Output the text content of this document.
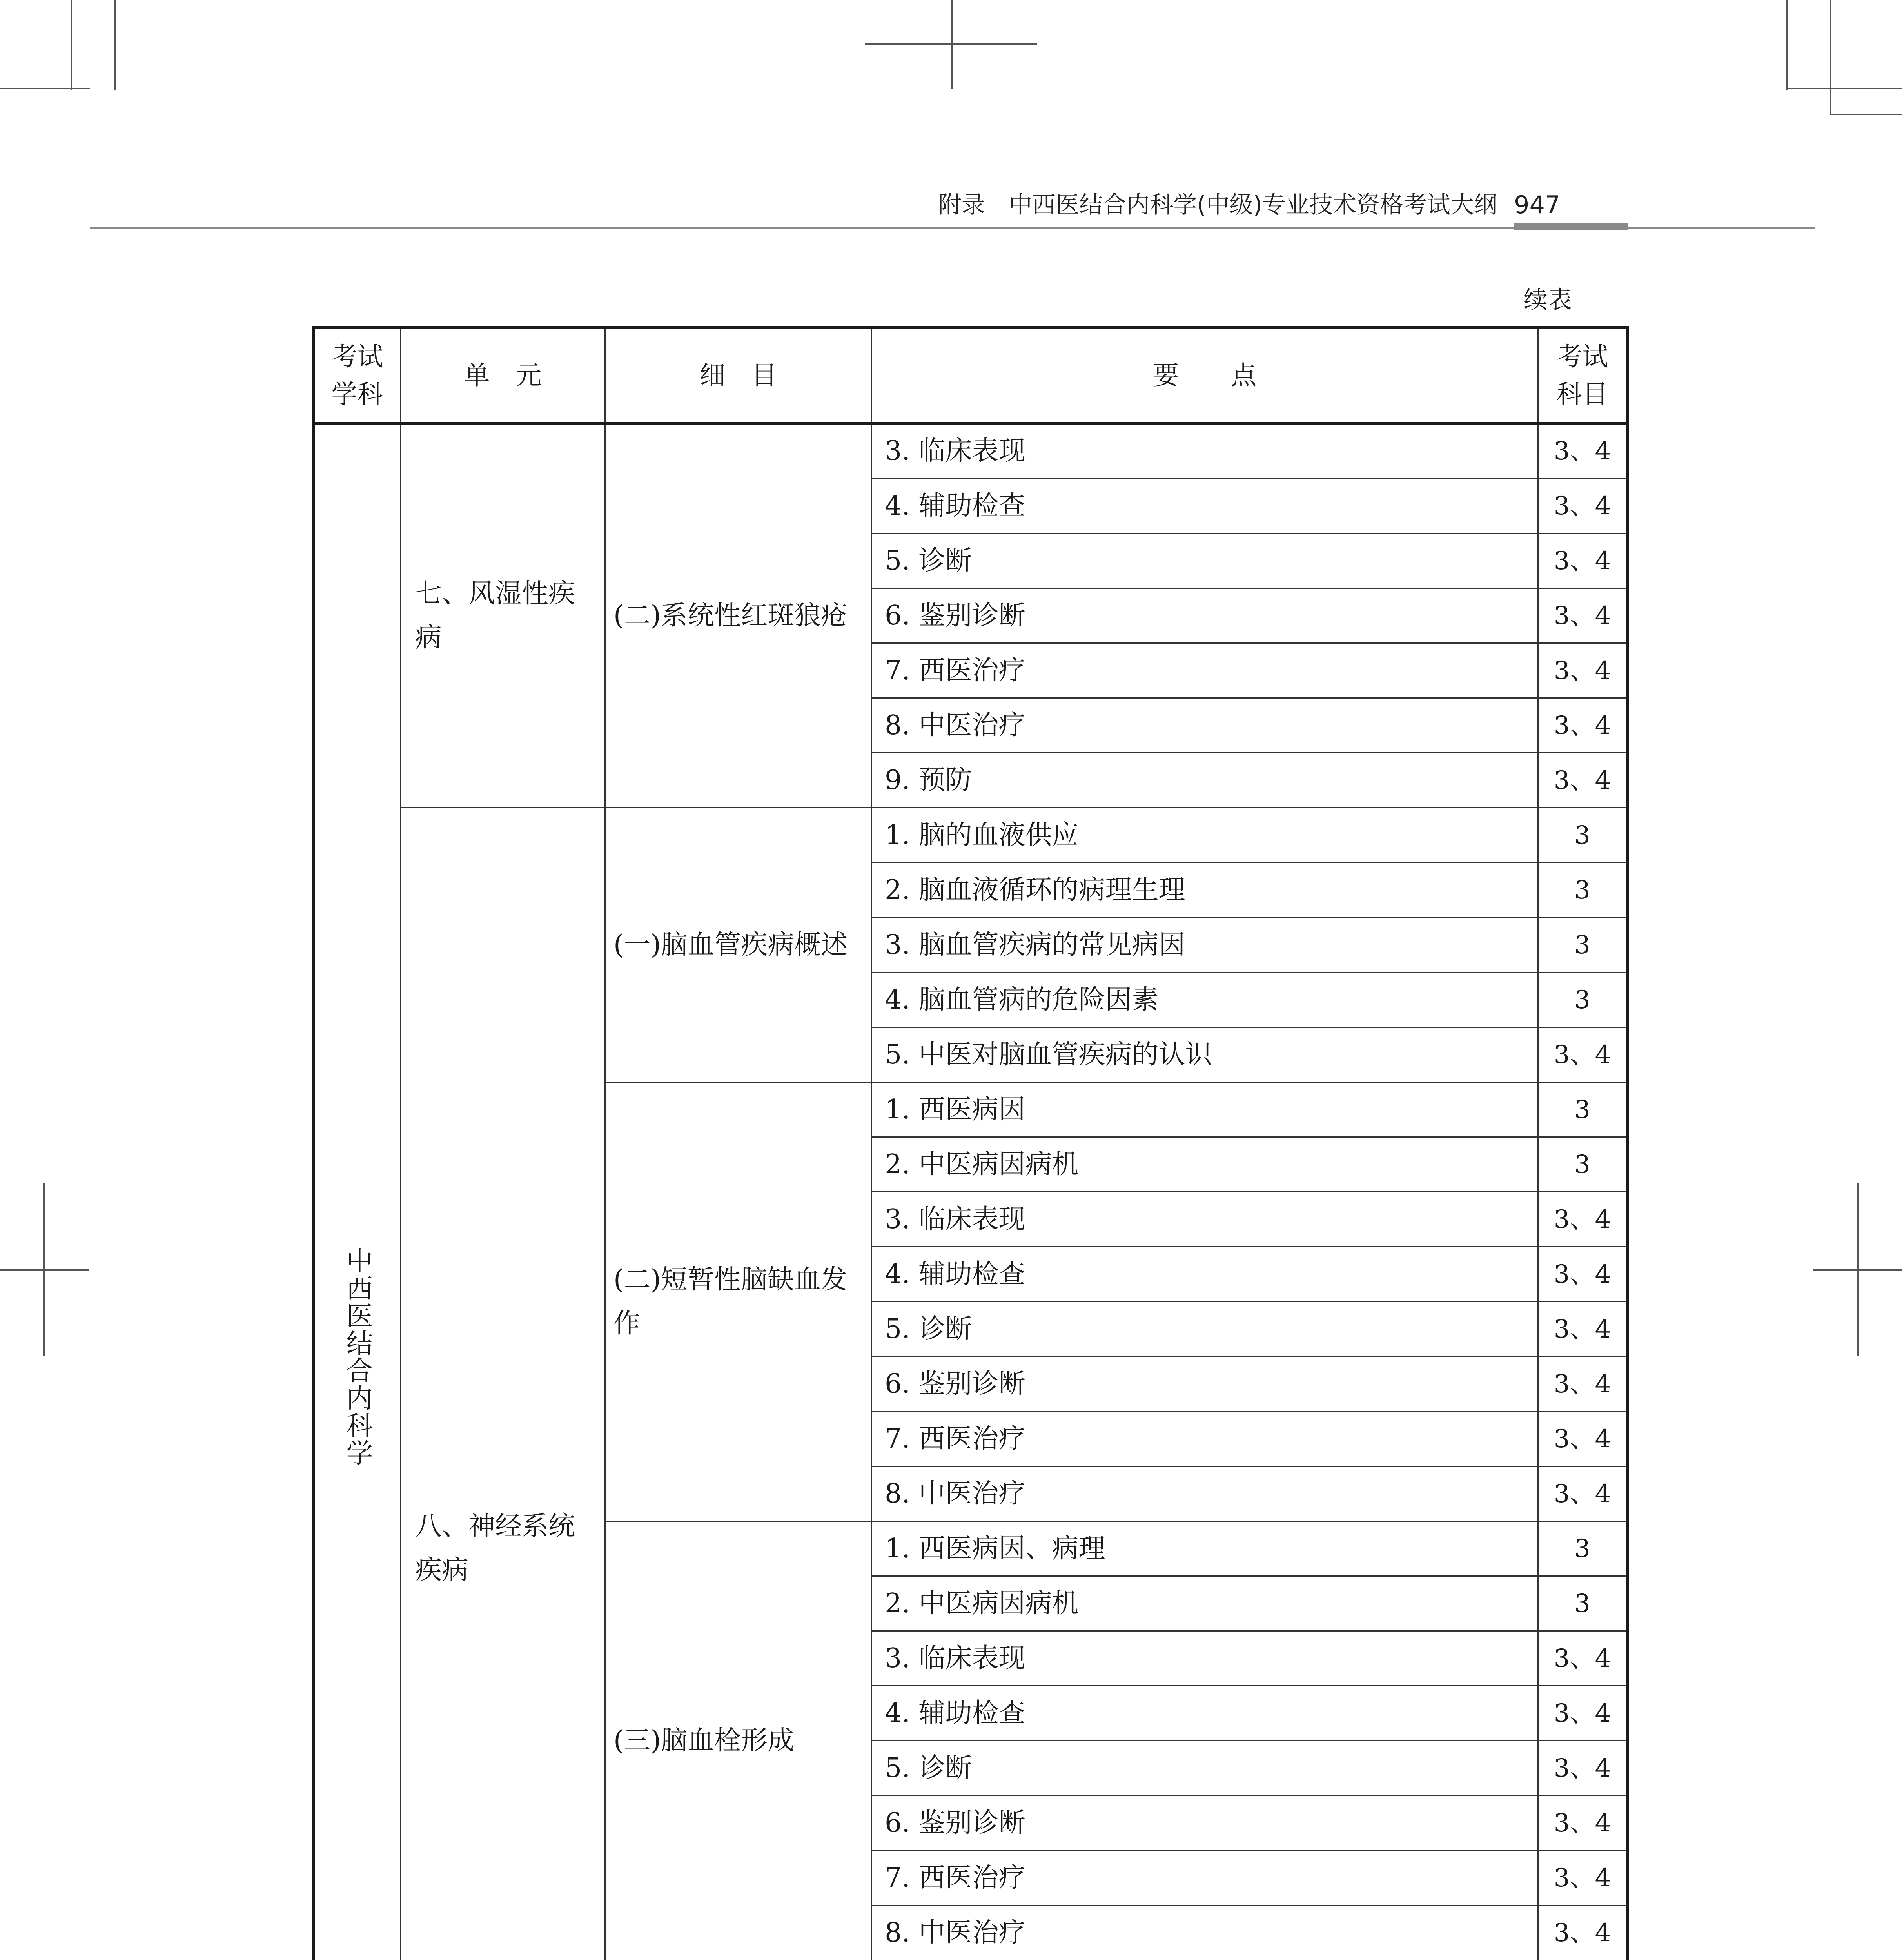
附录　中西医结合内科学(中级)专业技术资格考试大纲 947
续表
考试学科	单　元	细　目	要　　点	考试科目
中西医结合内科学	七、风湿性疾病	(二)系统性红斑狼疮	3. 临床表现	3、4
			4. 辅助检查	3、4
			5. 诊断	3、4
			6. 鉴别诊断	3、4
			7. 西医治疗	3、4
			8. 中医治疗	3、4
			9. 预防	3、4
	八、神经系统疾病	(一)脑血管疾病概述	1. 脑的血液供应	3
			2. 脑血液循环的病理生理	3
			3. 脑血管疾病的常见病因	3
			4. 脑血管病的危险因素	3
			5. 中医对脑血管疾病的认识	3、4
		(二)短暂性脑缺血发作	1. 西医病因	3
			2. 中医病因病机	3
			3. 临床表现	3、4
			4. 辅助检查	3、4
			5. 诊断	3、4
			6. 鉴别诊断	3、4
			7. 西医治疗	3、4
			8. 中医治疗	3、4
		(三)脑血栓形成	1. 西医病因、病理	3
			2. 中医病因病机	3
			3. 临床表现	3、4
			4. 辅助检查	3、4
			5. 诊断	3、4
			6. 鉴别诊断	3、4
			7. 西医治疗	3、4
			8. 中医治疗	3、4
